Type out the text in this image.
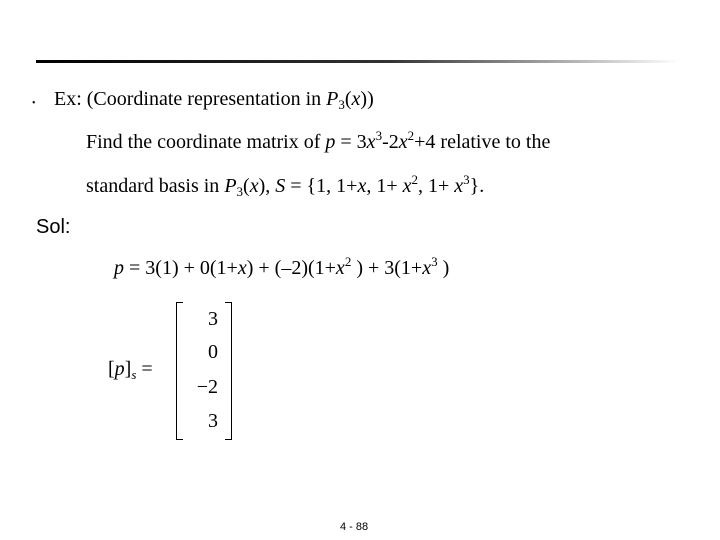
• Ex: (Coordinate representation in $P_3(x)$)
Find the coordinate matrix of $p = 3x^3-2x^2+4$ relative to the
standard basis in $P_3(x)$, S = {1, 1+x, $1+ x^2$, $1+ x^3$}.
Sol:
$p = 3(1) + 0(1+x) + (-2)(1+x^2$ ) + $3(1+x^3$ )
$[p]_s$ =
3
0
−2
3
4 - 88
